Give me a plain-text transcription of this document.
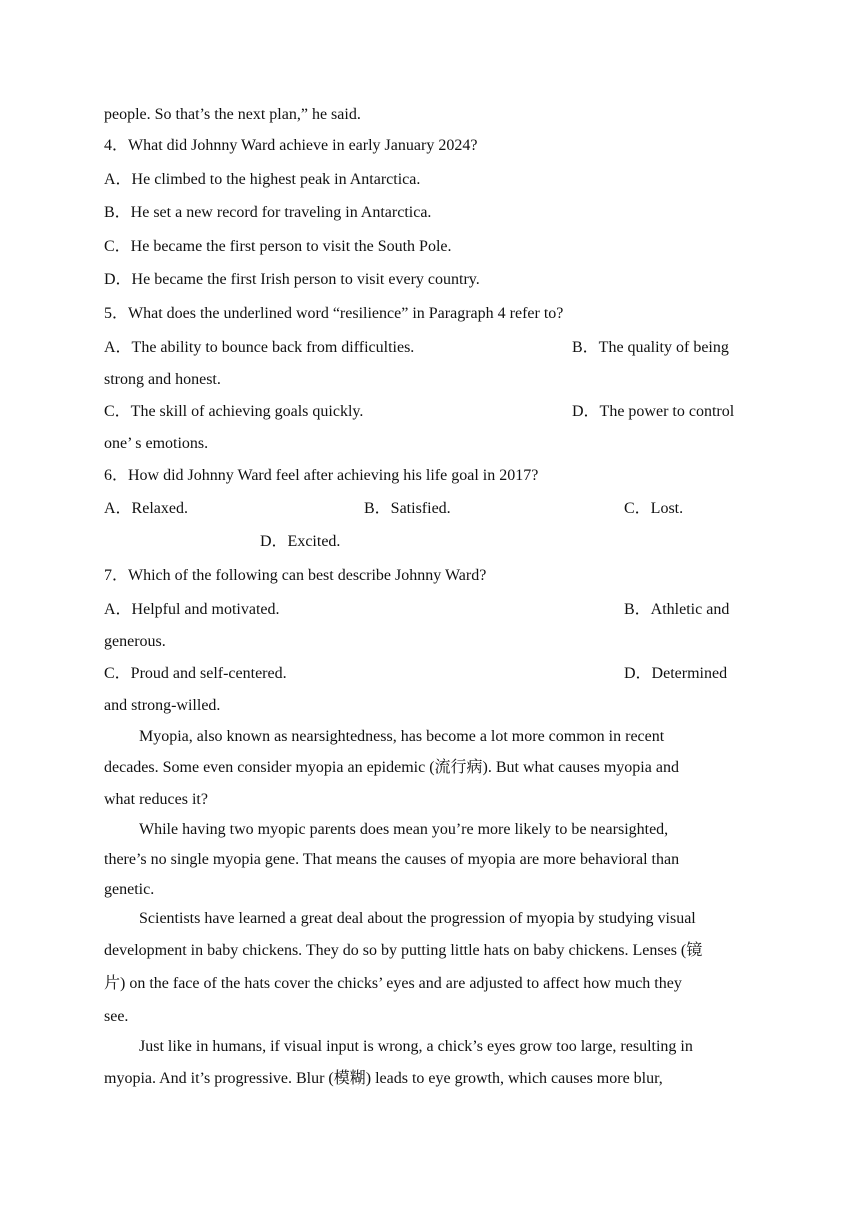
people. So that’s the next plan,” he said.
4．What did Johnny Ward achieve in early January 2024?
A．He climbed to the highest peak in Antarctica.
B．He set a new record for traveling in Antarctica.
C．He became the first person to visit the South Pole.
D．He became the first Irish person to visit every country.
5．What does the underlined word “resilience” in Paragraph 4 refer to?
A．The ability to bounce back from difficulties.	B．The quality of being
strong and honest.
C．The skill of achieving goals quickly.	D．The power to control
one’ s emotions.
6．How did Johnny Ward feel after achieving his life goal in 2017?
A．Relaxed.	B．Satisfied.	C．Lost.
D．Excited.
7．Which of the following can best describe Johnny Ward?
A．Helpful and motivated.	B．Athletic and
generous.
C．Proud and self-centered.	D．Determined
and strong-willed.
Myopia, also known as nearsightedness, has become a lot more common in recent
decades. Some even consider myopia an epidemic (流行病). But what causes myopia and
what reduces it?
While having two myopic parents does mean you’re more likely to be nearsighted,
there’s no single myopia gene. That means the causes of myopia are more behavioral than
genetic.
Scientists have learned a great deal about the progression of myopia by studying visual
development in baby chickens. They do so by putting little hats on baby chickens. Lenses (镜
片) on the face of the hats cover the chicks’ eyes and are adjusted to affect how much they
see.
Just like in humans, if visual input is wrong, a chick’s eyes grow too large, resulting in
myopia. And it’s progressive. Blur (模糊) leads to eye growth, which causes more blur,
